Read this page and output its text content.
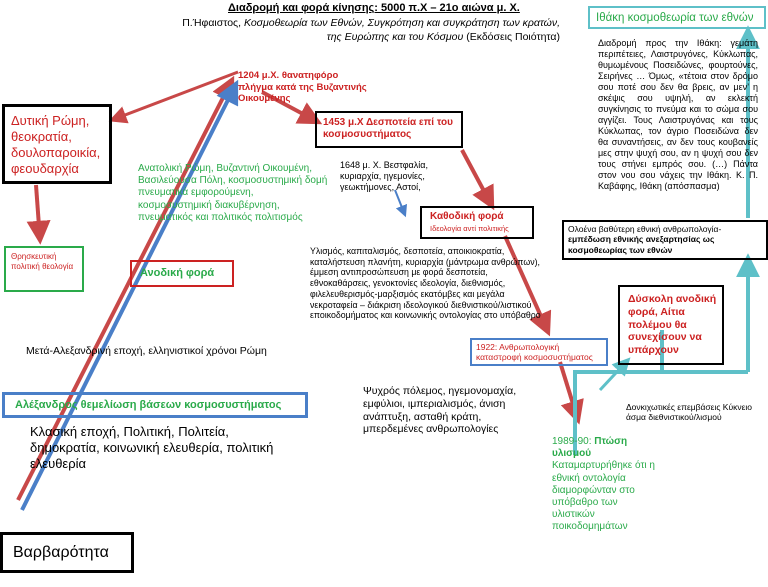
Διαδρομή και φορά κίνησης: 5000 π.Χ – 21ο αιώνα μ. Χ.
Π.Ήφαιστος, Κοσμοθεωρία των Εθνών, Συγκρότηση και συγκράτηση των κρατών,
της Ευρώπης και του Κόσμου (Εκδόσεις Ποιότητα)
Ιθάκη κοσμοθεωρία των εθνών
Διαδρομή προς την Ιθάκη: γεμάτη περιπέτειες, Λαιστρυγόνες, Κύκλωπας, θυμωμένους Ποσειδώνες, φουρτούνες, Σειρήνες … Όμως, «τέτοια στον δρόμο σου ποτέ σου δεν θα βρεις, αν μεν’ η σκέψις σου υψηλή, αν εκλεκτή συγκίνησις το πνεύμα και το σώμα σου αγγίζει. Τους Λαιστρυγόνας και τους Κύκλωπας, τον άγριο Ποσειδώνα δεν θα συναντήσεις, αν δεν τους κουβανείς μες στην ψυχή σου, αν η ψυχή σου δεν τους στήνει εμπρός σου. (…) Πάντα στον νου σου νάχεις την Ιθάκη. Κ. Π. Καβάφης, Ιθάκη (απόσπασμα)
1204 μ.Χ. θανατηφόρο πλήγμα κατά της Βυζαντινής Οικουμένης
Δυτική Ρώμη, θεοκρατία, δουλοπαροικία, φεουδαρχία
1453 μ.Χ Δεσποτεία επί του κοσμοσυστήματος
Ανατολική Ρώμη, Βυζαντινή Οικουμένη, Βασιλεύουσα Πόλη, κοσμοσυστημική δομή πνευματικά εμφορούμενη, κοσμοσυστημική διακυβέρνηση, πνευματικός και πολιτικός πολιτισμός
1648 μ. Χ. Βεστφαλία, κυριαρχία, ηγεμονίες, γεωκτήμονες, Αστοί,
Καθοδική φορά
Ιδεολογία αντί πολιτικής
Θρησκευτική πολιτική θεολογία
Ανοδική φορά
Υλισμός, καπιταλισμός, δεσποτεία, αποικιοκρατία, καταλήστευση πλανήτη, κυριαρχία (μάντρωμα ανθρώπων), έμμεση αντιπροσώπευση με φορά δεσποτεία, εθνοκαθάρσεις, γενοκτονίες ιδεολογία, διεθνισμός, φιλελευθερισμός-μαρξισμός εκατόμβες και μεγάλα νεκροταφεία – διάκριση ιδεολογικού διεθνιστικού/λιστικού εποικοδομήματος και κοινωνικής οντολογίας στο υπόβαθρο
Ολοένα βαθύτερη εθνική ανθρωπολογία- εμπέδωση εθνικής ανεξαρτησίας ως κοσμοθεωρίας των εθνών
Δύσκολη ανοδική φορά, Αίτια πολέμου θα συνεχίσουν να υπάρχουν
1922: Ανθρωπολογική καταστροφή κοσμοσυστήματος
Μετά-Αλεξανδρινή εποχή, ελληνιστικοί χρόνοι Ρώμη
Ψυχρός πόλεμος, ηγεμονομαχία, εμφύλιοι, ιμπεριαλισμός, άνιση ανάπτυξη, ασταθή κράτη, μπερδεμένες ανθρωπολογίες
Αλέξανδρος θεμελίωση βάσεων κοσμοσυστήματος	Δονκιχωτικές επεμβάσεις Κύκνειο άσμα διεθνιστικού/λισμού
Κλασική εποχή, Πολιτική, Πολιτεία, δημοκρατία, κοινωνική ελευθερία, πολιτική ελευθερία
1989-90: Πτώση υλισμού
Καταμαρτυρήθηκε ότι η εθνική οντολογία διαμορφώνταν στο υπόβαθρο των υλιστικών ποικοδομημάτων
Βαρβαρότητα
